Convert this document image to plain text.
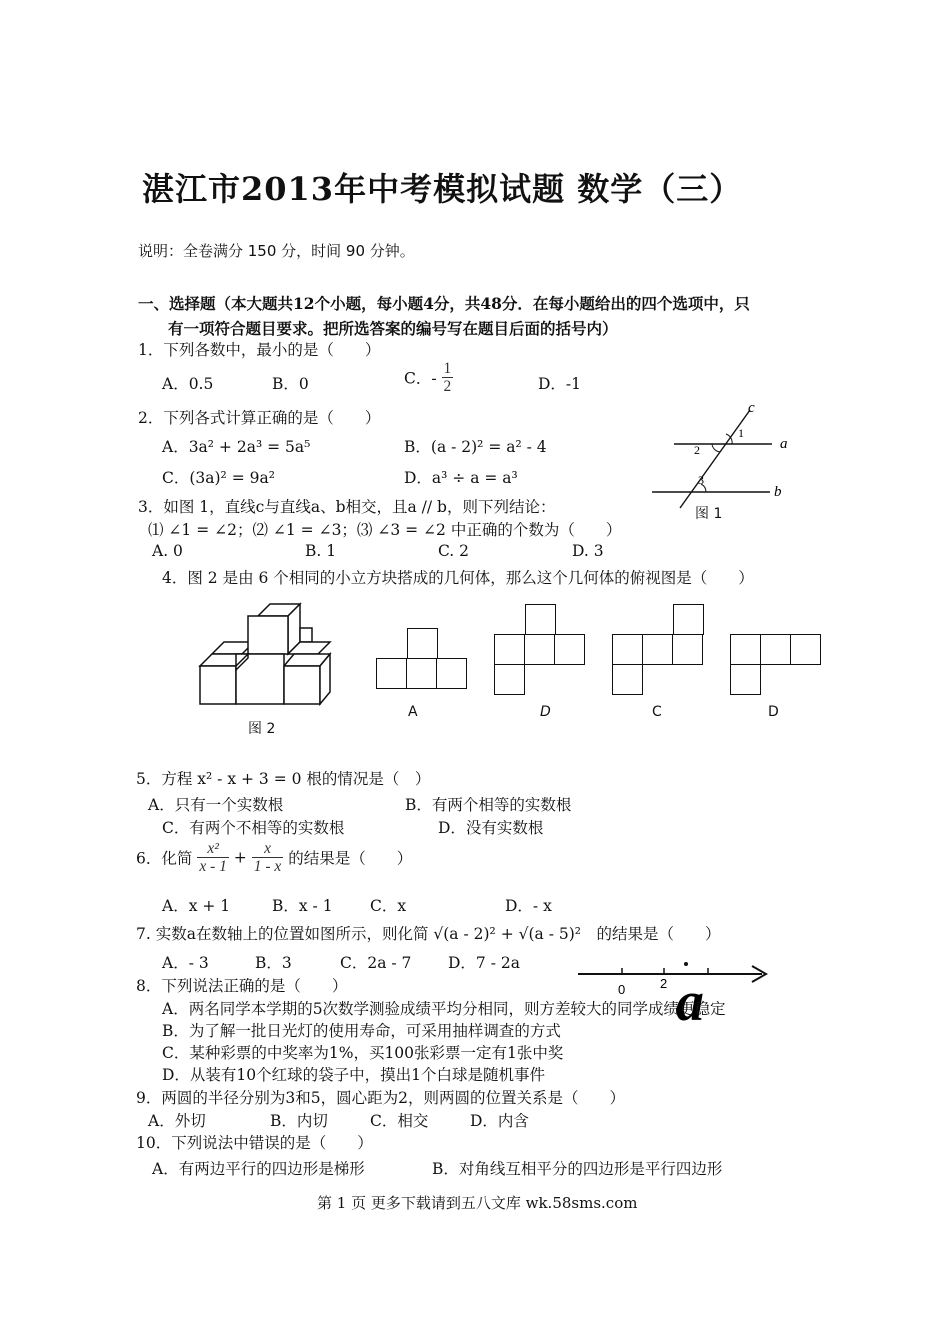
湛江市2013年中考模拟试题 数学（三）
说明：全卷满分 150 分，时间 90 分钟。
一、选择题（本大题共12个小题，每小题4分，共48分．在每小题给出的四个选项中，只
有一项符合题目要求。把所选答案的编号写在题目后面的括号内）
1．下列各数中，最小的是（　　）
A．0.5	B．0	C．- $\frac{1}{2}$	D．-1
2．下列各式计算正确的是（　　）
A．3a² + 2a³ = 5a⁵	B．(a - 2)² = a² - 4
C．(3a)² = 9a²	D．a³ ÷ a = a³
c
a
b
1
2
3
图 1
3．如图 1，直线c与直线a、b相交，且a // b，则下列结论：
⑴ ∠1 = ∠2；⑵ ∠1 = ∠3；⑶ ∠3 = ∠2 中正确的个数为（　　）
A. 0	B. 1	C. 2	D. 3
4．图 2 是由 6 个相同的小立方块搭成的几何体，那么这个几何体的俯视图是（　　）
图 2
A	D	C	D
5．方程 x² - x + 3 = 0 根的情况是（　）
A．只有一个实数根	B．有两个相等的实数根
C．有两个不相等的实数根	D．没有实数根
6．化简 $\frac{\text{x²}}{x - 1} + \frac{x}{1 - x}$ 的结果是（　　）
A．x + 1	B．x - 1 C．x	D．- x
7. 实数a在数轴上的位置如图所示，则化简 √(a - 2)² + √(a - 5)²　的结果是（　　）
A．- 3	B．3	C．2a - 7 D．7 - 2a
0	2 a
8．下列说法正确的是（　　）
A．两名同学本学期的5次数学测验成绩平均分相同，则方差较大的同学成绩更稳定
B．为了解一批日光灯的使用寿命，可采用抽样调查的方式
C．某种彩票的中奖率为1%，买100张彩票一定有1张中奖
D．从装有10个红球的袋子中，摸出1个白球是随机事件
9．两圆的半径分别为3和5，圆心距为2，则两圆的位置关系是（　　）
A．外切	B．内切	C．相交	D．内含
10．下列说法中错误的是（　　）
A．有两边平行的四边形是梯形	B．对角线互相平分的四边形是平行四边形
第 1 页 更多下载请到五八文库 wk.58sms.com
